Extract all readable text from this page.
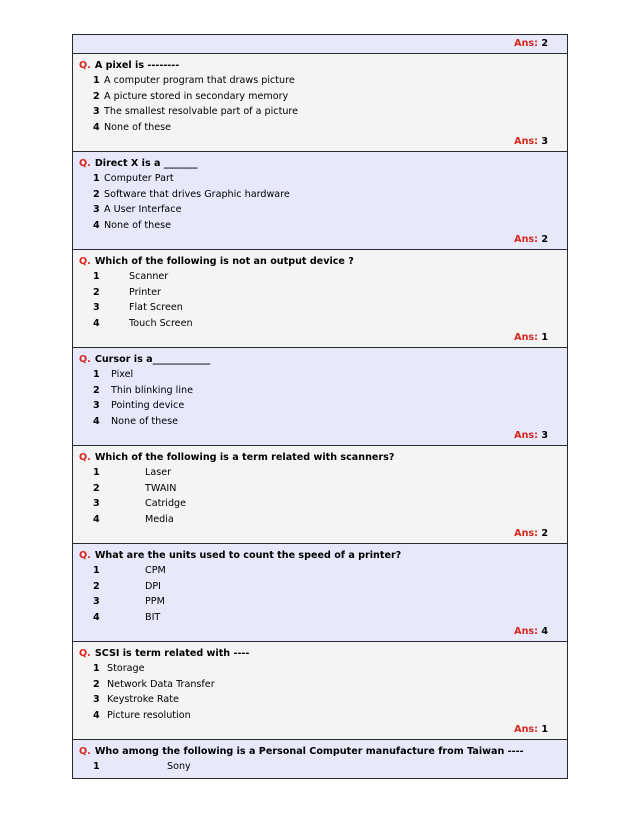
Ans: 2
Q. A pixel is --------
1 A computer program that draws picture
2 A picture stored in secondary memory
3 The smallest resolvable part of a picture
4 None of these
Ans: 3
Q. Direct X is a _______
1 Computer Part
2 Software that drives Graphic hardware
3 A User Interface
4 None of these
Ans: 2
Q. Which of the following is not an output device ?
1	Scanner
2	Printer
3	Flat Screen
4	Touch Screen
Ans: 1
Q. Cursor is a____________
1 Pixel
2 Thin blinking line
3 Pointing device
4 None of these
Ans: 3
Q. Which of the following is a term related with scanners?
1	Laser
2	TWAIN
3	Catridge
4	Media
Ans: 2
Q. What are the units used to count the speed of a printer?
1	CPM
2	DPI
3	PPM
4	BIT
Ans: 4
Q. SCSI is term related with ----
1 Storage
2 Network Data Transfer
3 Keystroke Rate
4 Picture resolution
Ans: 1
Q. Who among the following is a Personal Computer manufacture from Taiwan ----
1	Sony
